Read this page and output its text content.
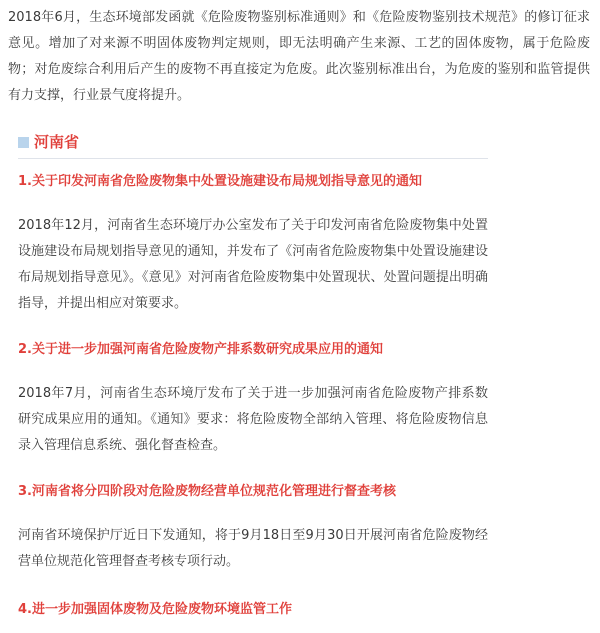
2018年6月，生态环境部发函就《危险废物鉴别标准通则》和《危险废物鉴别技术规范》的修订征求意见。增加了对来源不明固体废物判定规则，即无法明确产生来源、工艺的固体废物，属于危险废物；对危废综合利用后产生的废物不再直接定为危废。此次鉴别标准出台，为危废的鉴别和监管提供有力支撑，行业景气度将提升。

河南省
1.关于印发河南省危险废物集中处置设施建设布局规划指导意见的通知

2018年12月，河南省生态环境厅办公室发布了关于印发河南省危险废物集中处置设施建设布局规划指导意见的通知，并发布了《河南省危险废物集中处置设施建设布局规划指导意见》。《意见》对河南省危险废物集中处置现状、处置问题提出明确指导，并提出相应对策要求。

2.关于进一步加强河南省危险废物产排系数研究成果应用的通知

2018年7月，河南省生态环境厅发布了关于进一步加强河南省危险废物产排系数研究成果应用的通知。《通知》要求：将危险废物全部纳入管理、将危险废物信息录入管理信息系统、强化督查检查。

3.河南省将分四阶段对危险废物经营单位规范化管理进行督查考核

河南省环境保护厅近日下发通知，将于9月18日至9月30日开展河南省危险废物经营单位规范化管理督查考核专项行动。

4.进一步加强固体废物及危险废物环境监管工作
